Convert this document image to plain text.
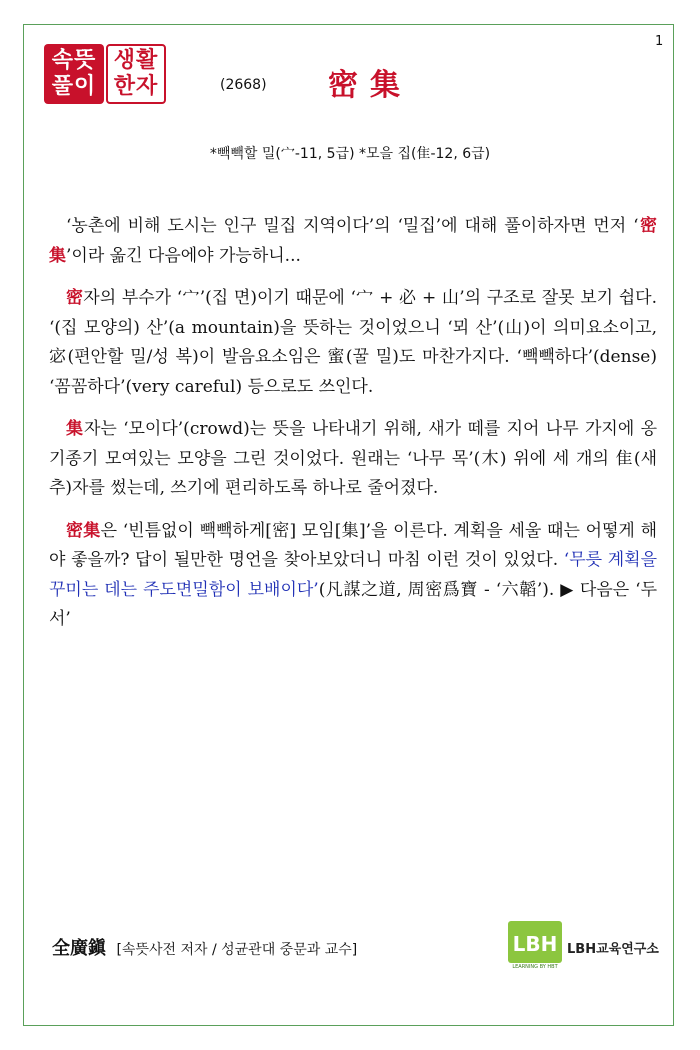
1
속뜻
풀이
생활
한자	(2668) 密集
*빽빽할 밀(宀-11, 5급) *모을 집(隹-12, 6급)

‘농촌에 비해 도시는 인구 밀집 지역이다’의 ‘밀집’에 대해 풀이하자면 먼저 ‘密集’이라 옮긴 다음에야 가능하니...

密자의 부수가 ‘宀’(집 면)이기 때문에 ‘宀 + 必 + 山’의 구조로 잘못 보기 쉽다. ‘(집 모양의) 산’(a mountain)을 뜻하는 것이었으니 ‘뫼 산’(山)이 의미요소이고, 宓(편안할 밀/성 복)이 발음요소임은 蜜(꿀 밀)도 마찬가지다. ‘빽빽하다’(dense) ‘꼼꼼하다’(very careful) 등으로도 쓰인다.

集자는 ‘모이다’(crowd)는 뜻을 나타내기 위해, 새가 떼를 지어 나무 가지에 옹기종기 모여있는 모양을 그린 것이었다. 원래는 ‘나무 목’(木) 위에 세 개의 隹(새 추)자를 썼는데, 쓰기에 편리하도록 하나로 줄어졌다.

密集은 ‘빈틈없이 빽빽하게[密] 모임[集]’을 이른다. 계획을 세울 때는 어떻게 해야 좋을까? 답이 될만한 명언을 찾아보았더니 마침 이런 것이 있었다. ‘무릇 계획을 꾸미는 데는 주도면밀함이 보배이다’(凡謀之道, 周密爲寶 - ‘六韜’). ▶ 다음은 ‘두서’

全廣鎭 [속뜻사전 저자 / 성균관대 중문과 교수]	LBH
LEARNING BY HBT
LBH교육연구소
